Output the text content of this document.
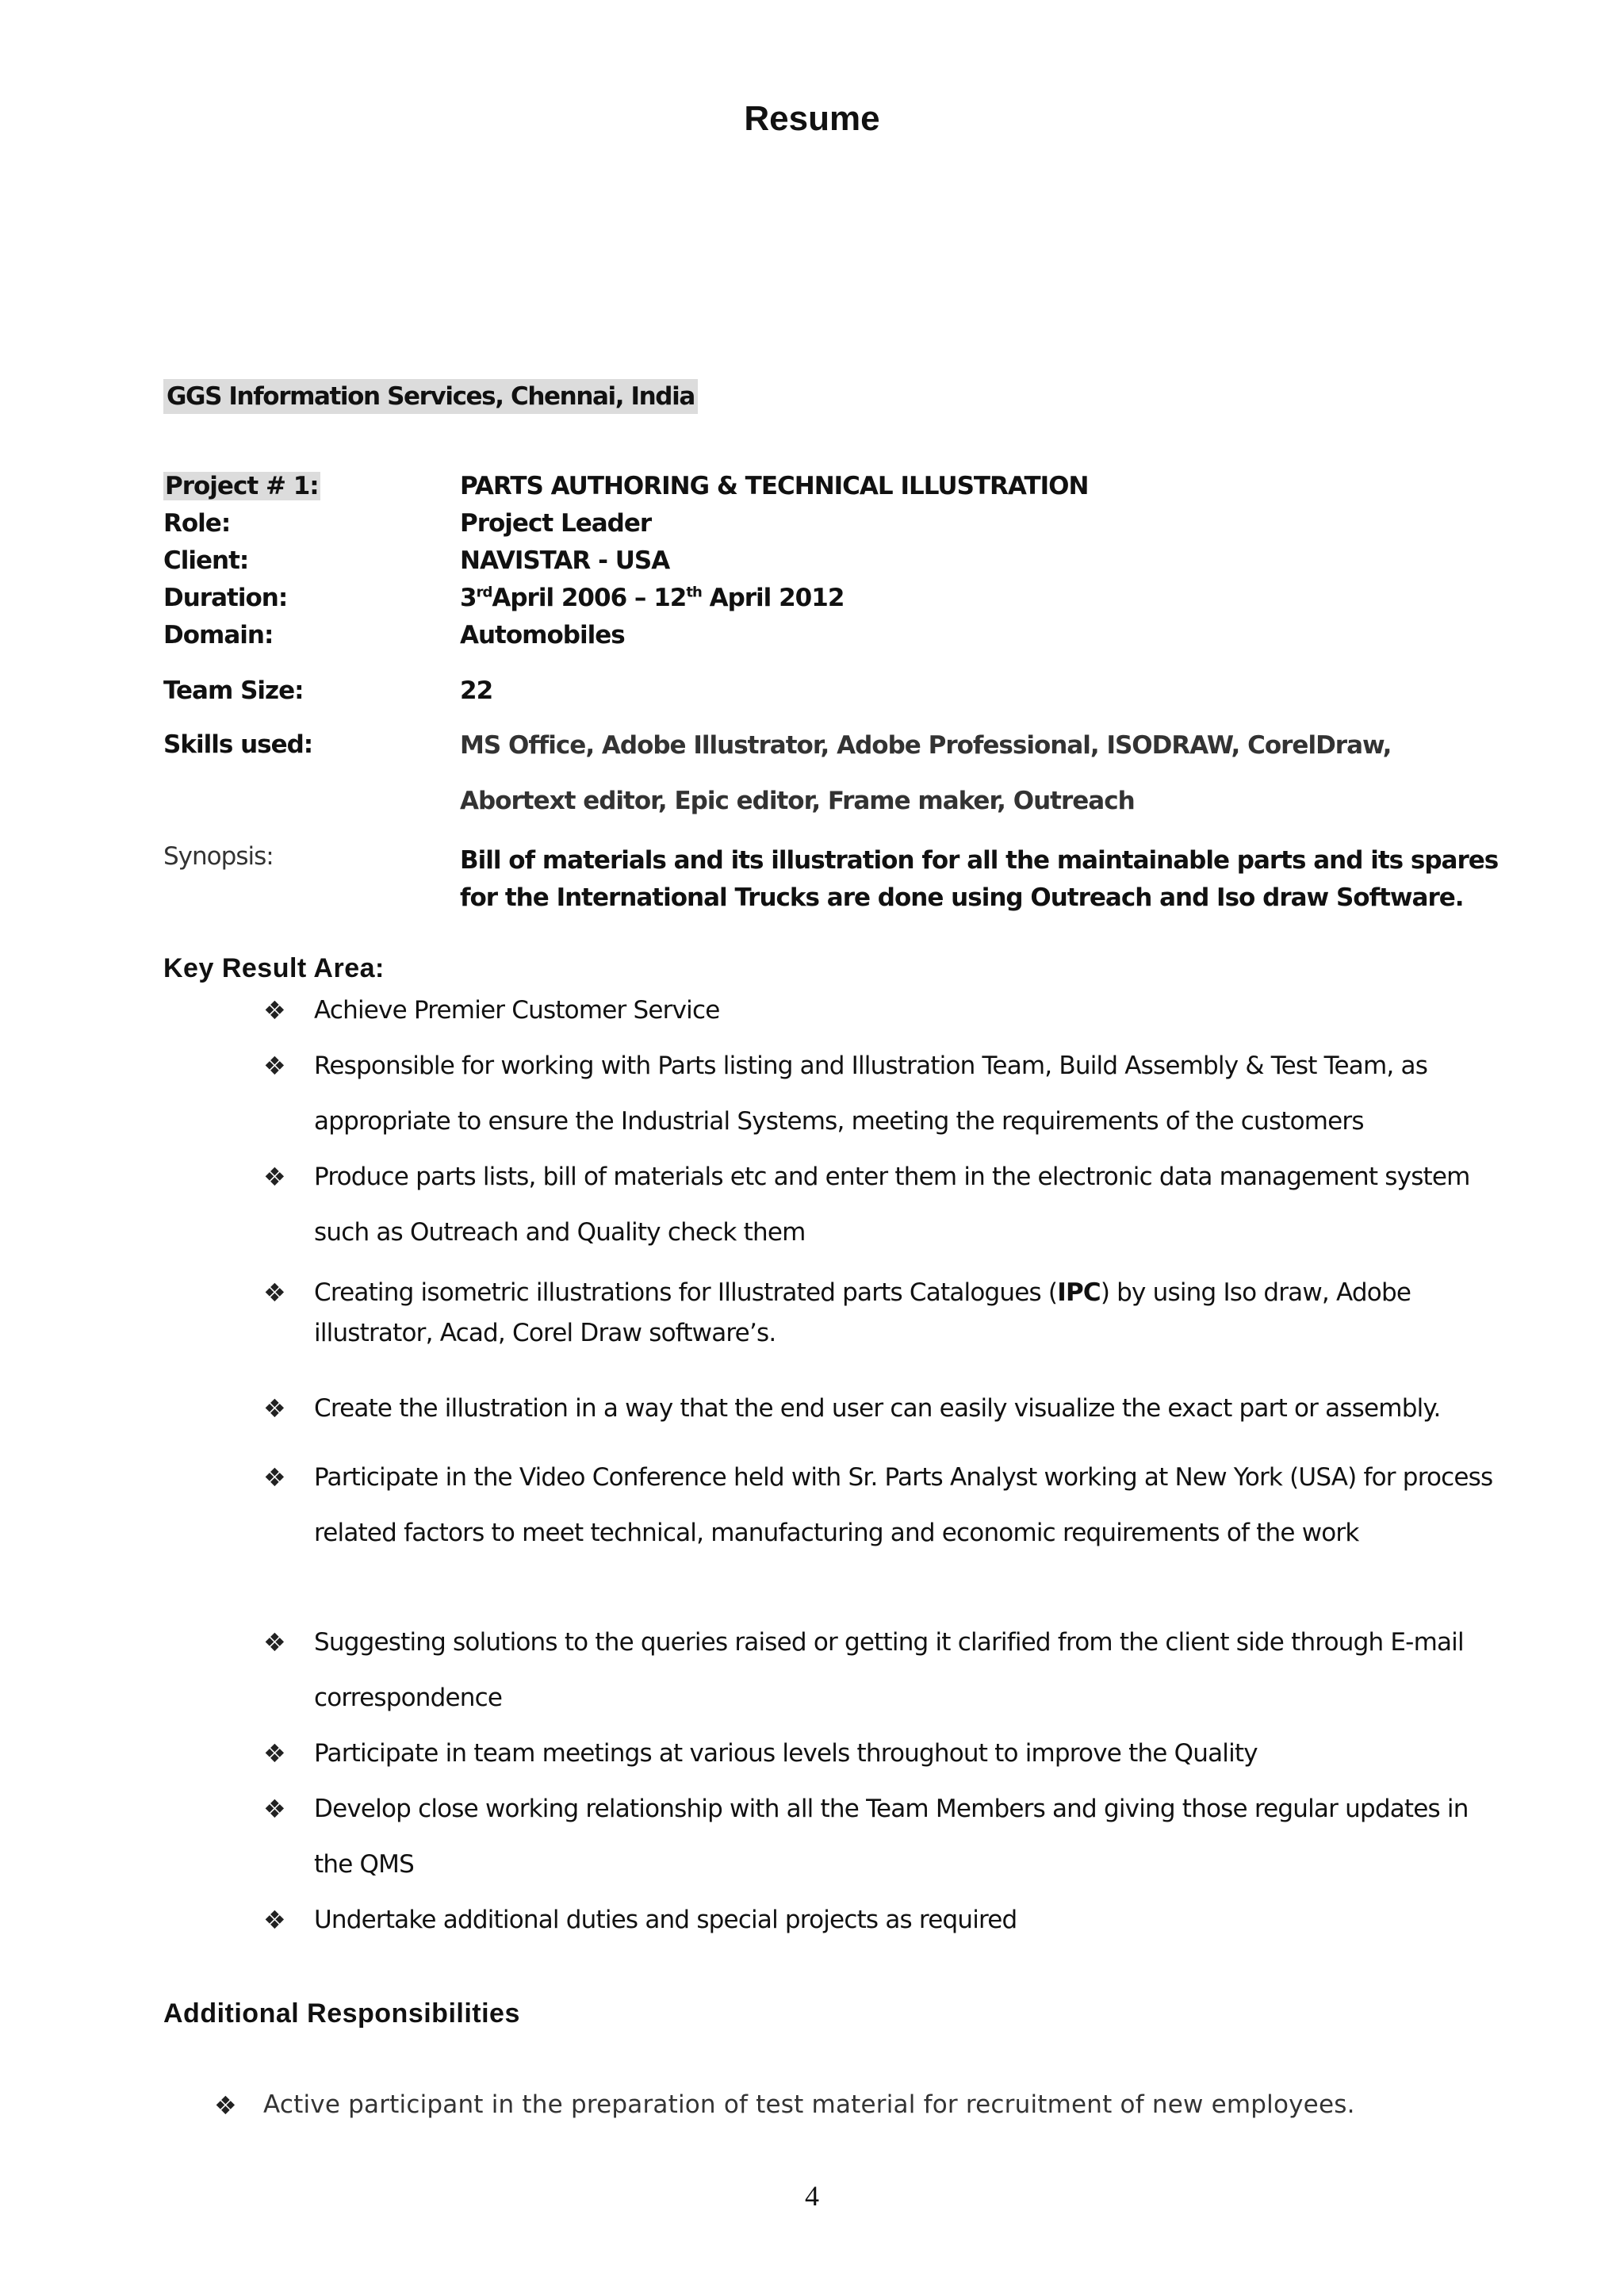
Resume
GGS Information Services, Chennai, India
Project # 1:	PARTS AUTHORING & TECHNICAL ILLUSTRATION
Role:	Project Leader
Client:	NAVISTAR - USA
Duration:	3rdApril 2006 – 12th April 2012
Domain:	Automobiles
Team Size:	22
Skills used:	MS Office, Adobe Illustrator, Adobe Professional, ISODRAW, CorelDraw, Abortext editor, Epic editor, Frame maker, Outreach
Synopsis:	Bill of materials and its illustration for all the maintainable parts and its spares for the International Trucks are done using Outreach and Iso draw Software.
Key Result Area:
❖ Achieve Premier Customer Service
❖ Responsible for working with Parts listing and Illustration Team, Build Assembly & Test Team, as appropriate to ensure the Industrial Systems, meeting the requirements of the customers
❖ Produce parts lists, bill of materials etc and enter them in the electronic data management system such as Outreach and Quality check them
❖ Creating isometric illustrations for Illustrated parts Catalogues (IPC) by using Iso draw, Adobe illustrator, Acad, Corel Draw software’s.
❖ Create the illustration in a way that the end user can easily visualize the exact part or assembly.
❖ Participate in the Video Conference held with Sr. Parts Analyst working at New York (USA) for process related factors to meet technical, manufacturing and economic requirements of the work
❖ Suggesting solutions to the queries raised or getting it clarified from the client side through E-mail correspondence
❖ Participate in team meetings at various levels throughout to improve the Quality
❖ Develop close working relationship with all the Team Members and giving those regular updates in the QMS
❖ Undertake additional duties and special projects as required
Additional Responsibilities
❖ Active participant in the preparation of test material for recruitment of new employees.
4
